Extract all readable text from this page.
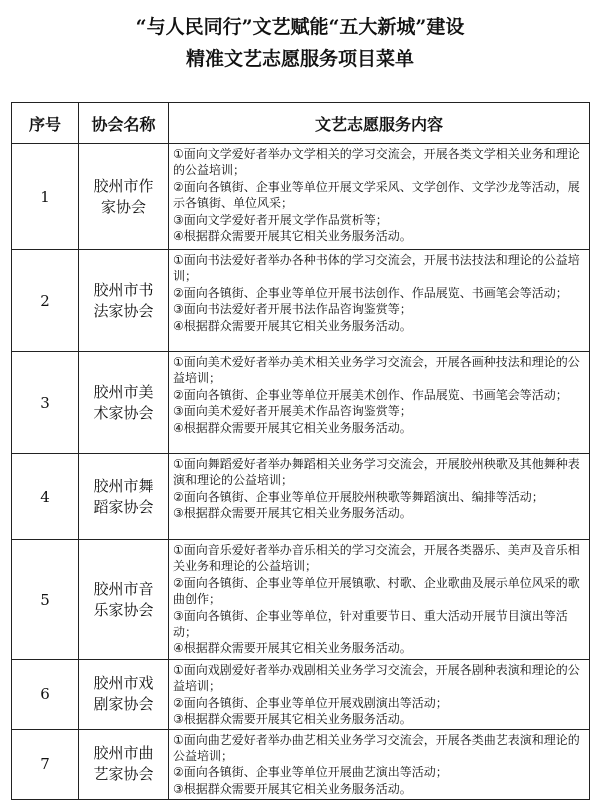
“与人民同行”文艺赋能“五大新城”建设
精准文艺志愿服务项目菜单
序号	协会名称	文艺志愿服务内容
1	胶州市作家协会	①面向文学爱好者举办文学相关的学习交流会，开展各类文学相关业务和理论的公益培训；
②面向各镇街、企事业等单位开展文学采风、文学创作、文学沙龙等活动，展示各镇街、单位风采；
③面向文学爱好者开展文学作品赏析等；
④根据群众需要开展其它相关业务服务活动。

2	胶州市书法家协会	①面向书法爱好者举办各种书体的学习交流会，开展书法技法和理论的公益培训；
②面向各镇街、企事业等单位开展书法创作、作品展览、书画笔会等活动；
③面向书法爱好者开展书法作品咨询鉴赏等；
④根据群众需要开展其它相关业务服务活动。

3	胶州市美术家协会	①面向美术爱好者举办美术相关业务学习交流会，开展各画种技法和理论的公益培训；
②面向各镇街、企事业等单位开展美术创作、作品展览、书画笔会等活动；
③面向美术爱好者开展美术作品咨询鉴赏等；
④根据群众需要开展其它相关业务服务活动。

4	胶州市舞蹈家协会	①面向舞蹈爱好者举办舞蹈相关业务学习交流会，开展胶州秧歌及其他舞种表演和理论的公益培训；
②面向各镇街、企事业等单位开展胶州秧歌等舞蹈演出、编排等活动；
③根据群众需要开展其它相关业务服务活动。

5	胶州市音乐家协会	①面向音乐爱好者举办音乐相关的学习交流会，开展各类器乐、美声及音乐相关业务和理论的公益培训；
②面向各镇街、企事业等单位开展镇歌、村歌、企业歌曲及展示单位风采的歌曲创作；
③面向各镇街、企事业等单位，针对重要节日、重大活动开展节目演出等活动；
④根据群众需要开展其它相关业务服务活动。

6	胶州市戏剧家协会	①面向戏剧爱好者举办戏剧相关业务学习交流会，开展各剧种表演和理论的公益培训；
②面向各镇街、企事业等单位开展戏剧演出等活动；
③根据群众需要开展其它相关业务服务活动。

7	胶州市曲艺家协会	①面向曲艺爱好者举办曲艺相关业务学习交流会，开展各类曲艺表演和理论的公益培训；
②面向各镇街、企事业等单位开展曲艺演出等活动；
③根据群众需要开展其它相关业务服务活动。
